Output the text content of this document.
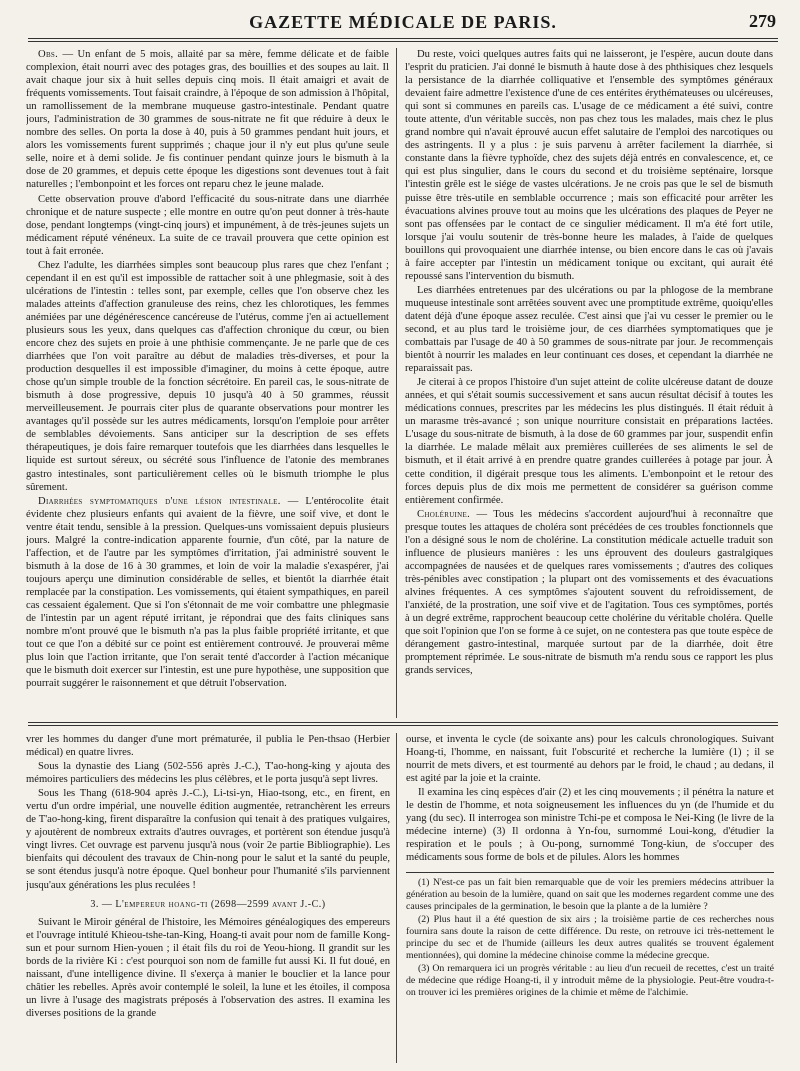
GAZETTE MÉDICALE DE PARIS.	279

Obs. — Un enfant de 5 mois, allaité par sa mère, femme délicate et de faible complexion, était nourri avec des potages gras, des bouillies et des soupes au lait. Il avait chaque jour six à huit selles depuis cinq mois. Il était amaigri et avait de fréquents vomissements. Tout faisait craindre, à l'époque de son admission à l'hôpital, un ramollissement de la membrane muqueuse gastro-intestinale. Pendant quatre jours, l'administration de 30 grammes de sous-nitrate ne fit que réduire à deux le nombre des selles. On porta la dose à 40, puis à 50 grammes pendant huit jours, et alors les vomissements furent supprimés ; chaque jour il n'y eut plus qu'une seule selle, noire et à demi solide. Je fis continuer pendant quinze jours le bismuth à la dose de 20 grammes, et depuis cette époque les digestions sont devenues tout à fait naturelles ; l'embonpoint et les forces ont reparu chez le jeune malade.

Cette observation prouve d'abord l'efficacité du sous-nitrate dans une diarrhée chronique et de nature suspecte ; elle montre en outre qu'on peut donner à très-haute dose, pendant longtemps (vingt-cinq jours) et impunément, à de très-jeunes sujets un médicament réputé vénéneux. La suite de ce travail prouvera que cette opinion est tout à fait erronée.

Chez l'adulte, les diarrhées simples sont beaucoup plus rares que chez l'enfant ; cependant il en est qu'il est impossible de rattacher soit à une phlegmasie, soit à des ulcérations de l'intestin : telles sont, par exemple, celles que l'on observe chez les malades atteints d'affection granuleuse des reins, chez les chlorotiques, les femmes anémiées par une dégénérescence cancéreuse de l'utérus, comme j'en ai actuellement plusieurs sous les yeux, dans quelques cas d'affection chronique du cœur, ou bien encore chez des sujets en proie à une phthisie commençante. Je ne parle que de ces diarrhées que l'on voit paraître au début de maladies très-diverses, et pour la production desquelles il est impossible d'imaginer, du moins à cette époque, autre chose qu'un simple trouble de la fonction sécrétoire. En pareil cas, le sous-nitrate de bismuth à dose progressive, depuis 10 jusqu'à 40 à 50 grammes, réussit merveilleusement. Je pourrais citer plus de quarante observations pour montrer les avantages qu'il possède sur les autres médicaments, lorsqu'on l'emploie pour arrêter de semblables dévoiements. Sans anticiper sur la description de ses effets thérapeutiques, je dois faire remarquer toutefois que les diarrhées dans lesquelles le liquide est surtout séreux, ou sécrété sous l'influence de l'atonie des membranes gastro intestinales, sont particulièrement celles où le bismuth triomphe le plus sûrement.

Diarrhées symptomatiques d'une lésion intestinale. — L'entérocolite était évidente chez plusieurs enfants qui avaient de la fièvre, une soif vive, et dont le ventre était tendu, sensible à la pression. Quelques-uns vomissaient depuis plusieurs jours. Malgré la contre-indication apparente fournie, d'un côté, par la nature de l'affection, et de l'autre par les symptômes d'irritation, j'ai administré souvent le bismuth à la dose de 16 à 30 grammes, et loin de voir la maladie s'exaspérer, j'ai toujours aperçu une diminution considérable de selles, et bientôt la diarrhée était remplacée par la constipation. Les vomissements, qui étaient sympathiques, en pareil cas cessaient également. Que si l'on s'étonnait de me voir combattre une phlegmasie de l'intestin par un agent réputé irritant, je répondrai que des faits cliniques sans nombre m'ont prouvé que le bismuth n'a pas la plus faible propriété irritante, et que tout ce que l'on a débité sur ce point est entièrement controuvé. Je prouverai même plus loin que l'action irritante, que l'on serait tenté d'accorder à l'action mécanique que le bismuth doit exercer sur l'intestin, est une pure hypothèse, une supposition que pourrait suggérer le raisonnement et que détruit l'observation.

Du reste, voici quelques autres faits qui ne laisseront, je l'espère, aucun doute dans l'esprit du praticien. J'ai donné le bismuth à haute dose à des phthisiques chez lesquels la persistance de la diarrhée colliquative et l'ensemble des symptômes généraux devaient faire admettre l'existence d'une de ces entérites érythémateuses ou ulcéreuses, qui sont si communes en pareils cas. L'usage de ce médicament a été suivi, contre toute attente, d'un véritable succès, non pas chez tous les malades, mais chez le plus grand nombre qui n'avait éprouvé aucun effet salutaire de l'emploi des narcotiques ou des astringents. Il y a plus : je suis parvenu à arrêter facilement la diarrhée, si constante dans la fièvre typhoïde, chez des sujets déjà entrés en convalescence, et, ce qui est plus singulier, dans le cours du second et du troisième septénaire, lorsque l'intestin grêle est le siége de vastes ulcérations. Je ne crois pas que le sel de bismuth puisse être très-utile en semblable occurrence ; mais son efficacité pour arrêter les évacuations alvines prouve tout au moins que les ulcérations des plaques de Peyer ne sont pas offensées par le contact de ce singulier médicament. Il m'a été fort utile, lorsque j'ai voulu soutenir de très-bonne heure les malades, à l'aide de quelques bouillons qui provoquaient une diarrhée intense, ou bien encore dans le cas où j'avais à faire accepter par l'intestin un médicament tonique ou excitant, qui aurait été repoussé sans l'intervention du bismuth.

Les diarrhées entretenues par des ulcérations ou par la phlogose de la membrane muqueuse intestinale sont arrêtées souvent avec une promptitude extrême, quoiqu'elles datent déjà d'une époque assez reculée. C'est ainsi que j'ai vu cesser le premier ou le second, et au plus tard le troisième jour, de ces diarrhées symptomatiques que je combattais par l'usage de 40 à 50 grammes de sous-nitrate par jour. Je recommençais bientôt à nourrir les malades en leur continuant ces doses, et cependant la diarrhée ne reparaissait pas.

Je citerai à ce propos l'histoire d'un sujet atteint de colite ulcéreuse datant de douze années, et qui s'était soumis successivement et sans aucun résultat décisif à toutes les médications connues, prescrites par les médecins les plus distingués. Il était réduit à un marasme très-avancé ; son unique nourriture consistait en préparations lactées. L'usage du sous-nitrate de bismuth, à la dose de 60 grammes par jour, suspendit enfin la diarrhée. Le malade mêlait aux premières cuillerées de ses aliments le sel de bismuth, et il était arrivé à en prendre quatre grandes cuillerées à potage par jour. À cette condition, il digérait presque tous les aliments. L'embonpoint et le retour des forces depuis plus de dix mois me permettent de considérer sa guérison comme entièrement confirmée.

Choléruine. — Tous les médecins s'accordent aujourd'hui à reconnaître que presque toutes les attaques de choléra sont précédées de ces troubles fonctionnels que l'on a désigné sous le nom de cholérine. La constitution médicale actuelle traduit son influence de plusieurs manières : les uns éprouvent des douleurs gastralgiques accompagnées de nausées et de quelques rares vomissements ; d'autres des coliques très-pénibles avec constipation ; la plupart ont des vomissements et des évacuations alvines fréquentes. A ces symptômes s'ajoutent souvent du refroidissement, de l'anxiété, de la prostration, une soif vive et de l'agitation. Tous ces symptômes, portés à un degré extrême, rapprochent beaucoup cette cholérine du véritable choléra. Quelle que soit l'opinion que l'on se forme à ce sujet, on ne contestera pas que toute espèce de dérangement gastro-intestinal, marquée surtout par de la diarrhée, doit être promptement réprimée. Le sous-nitrate de bismuth m'a rendu sous ce rapport les plus grands services,

vrer les hommes du danger d'une mort prématurée, il publia le Pen-thsao (Herbier médical) en quatre livres.

Sous la dynastie des Liang (502-556 après J.-C.), T'ao-hong-king y ajouta des mémoires particuliers des médecins les plus célèbres, et le porta jusqu'à sept livres.

Sous les Thang (618-904 après J.-C.), Li-tsi-yn, Hiao-tsong, etc., en firent, en vertu d'un ordre impérial, une nouvelle édition augmentée, retranchèrent les erreurs de T'ao-hong-king, firent disparaître la confusion qui tenait à des pratiques vulgaires, y ajoutèrent de nombreux extraits d'autres ouvrages, et portèrent son étendue jusqu'à vingt livres. Cet ouvrage est parvenu jusqu'à nous (voir 2e partie Bibliographie). Les bienfaits qui découlent des travaux de Chin-nong pour le salut et la santé du peuple, se sont étendus jusqu'à notre époque. Quel bonheur pour l'humanité s'ils parviennent jusqu'aux générations les plus reculées !

3. — L'empereur hoang-ti (2698—2599 avant J.-C.)

Suivant le Miroir général de l'histoire, les Mémoires généalogiques des empereurs et l'ouvrage intitulé Khieou-tshe-tan-King, Hoang-ti avait pour nom de famille Kong-sun et pour surnom Hien-youen ; il était fils du roi de Yeou-hiong. Il grandit sur les bords de la rivière Ki : c'est pourquoi son nom de famille fut aussi Ki. Il fut doué, en naissant, d'une intelligence divine. Il s'exerça à manier le bouclier et la lance pour châtier les rebelles. Après avoir contemplé le soleil, la lune et les étoiles, il composa un livre à l'usage des magistrats préposés à l'observation des astres. Il examina les diverses positions de la grande

ourse, et inventa le cycle (de soixante ans) pour les calculs chronologiques. Suivant Hoang-ti, l'homme, en naissant, fuit l'obscurité et recherche la lumière (1) ; il se nourrit de mets divers, et est tourmenté au dehors par le froid, le chaud ; au dedans, il est agité par la joie et la crainte.

Il examina les cinq espèces d'air (2) et les cinq mouvements ; il pénétra la nature et le destin de l'homme, et nota soigneusement les influences du yn (de l'humide et du yang (du sec). Il interrogea son ministre Tchi-pe et composa le Nei-King (le livre de la médecine interne) (3) Il ordonna à Yn-fou, surnommé Loui-kong, d'étudier la respiration et le pouls ; à Ou-pong, surnommé Tong-kiun, de s'occuper des médicaments sous forme de bols et de pilules. Alors les hommes

(1) N'est-ce pas un fait bien remarquable que de voir les premiers médecins attribuer la génération au besoin de la lumière, quand on sait que les modernes regardent comme une des causes principales de la germination, le besoin que la plante a de la lumière ?

(2) Plus haut il a été question de six airs ; la troisième partie de ces recherches nous fournira sans doute la raison de cette différence. Du reste, on retrouve ici très-nettement le principe du sec et de l'humide (ailleurs les deux autres qualités se trouvent également mentionnées), qui domine la médecine chinoise comme la médecine grecque.

(3) On remarquera ici un progrès véritable : au lieu d'un recueil de recettes, c'est un traité de médecine que rédige Hoang-ti, il y introduit même de la physiologie. Peut-être voudra-t-on trouver ici les premières origines de la chimie et même de l'alchimie.
